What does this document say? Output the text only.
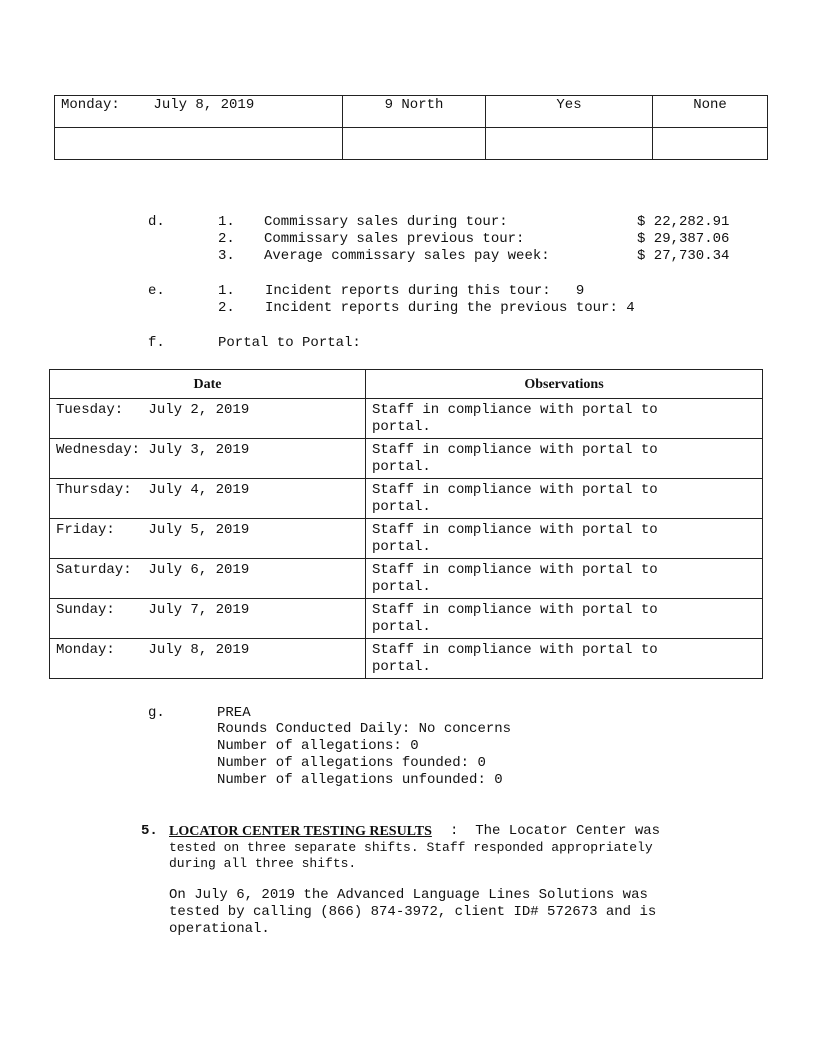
Monday:    July 8, 2019	9 North	Yes	None

d.	1. Commissary sales during tour:	$ 22,282.91
2. Commissary sales previous tour:	$ 29,387.06
3. Average commissary sales pay week:	$ 27,730.34
e.	1. Incident reports during this tour:   9
2. Incident reports during the previous tour: 4
f.	Portal to Portal:
Date	Observations
Tuesday:   July 2, 2019	Staff in compliance with portal to
portal.
Wednesday: July 3, 2019	Staff in compliance with portal to
portal.
Thursday:  July 4, 2019	Staff in compliance with portal to
portal.
Friday:    July 5, 2019	Staff in compliance with portal to
portal.
Saturday:  July 6, 2019	Staff in compliance with portal to
portal.
Sunday:    July 7, 2019	Staff in compliance with portal to
portal.
Monday:    July 8, 2019	Staff in compliance with portal to
portal.
g.	PREA
Rounds Conducted Daily: No concerns
Number of allegations: 0
Number of allegations founded: 0
Number of allegations unfounded: 0
5. LOCATOR CENTER TESTING RESULTS :  The Locator Center was
tested on three separate shifts. Staff responded appropriately
during all three shifts.
On July 6, 2019 the Advanced Language Lines Solutions was
tested by calling (866) 874-3972, client ID# 572673 and is
operational.
